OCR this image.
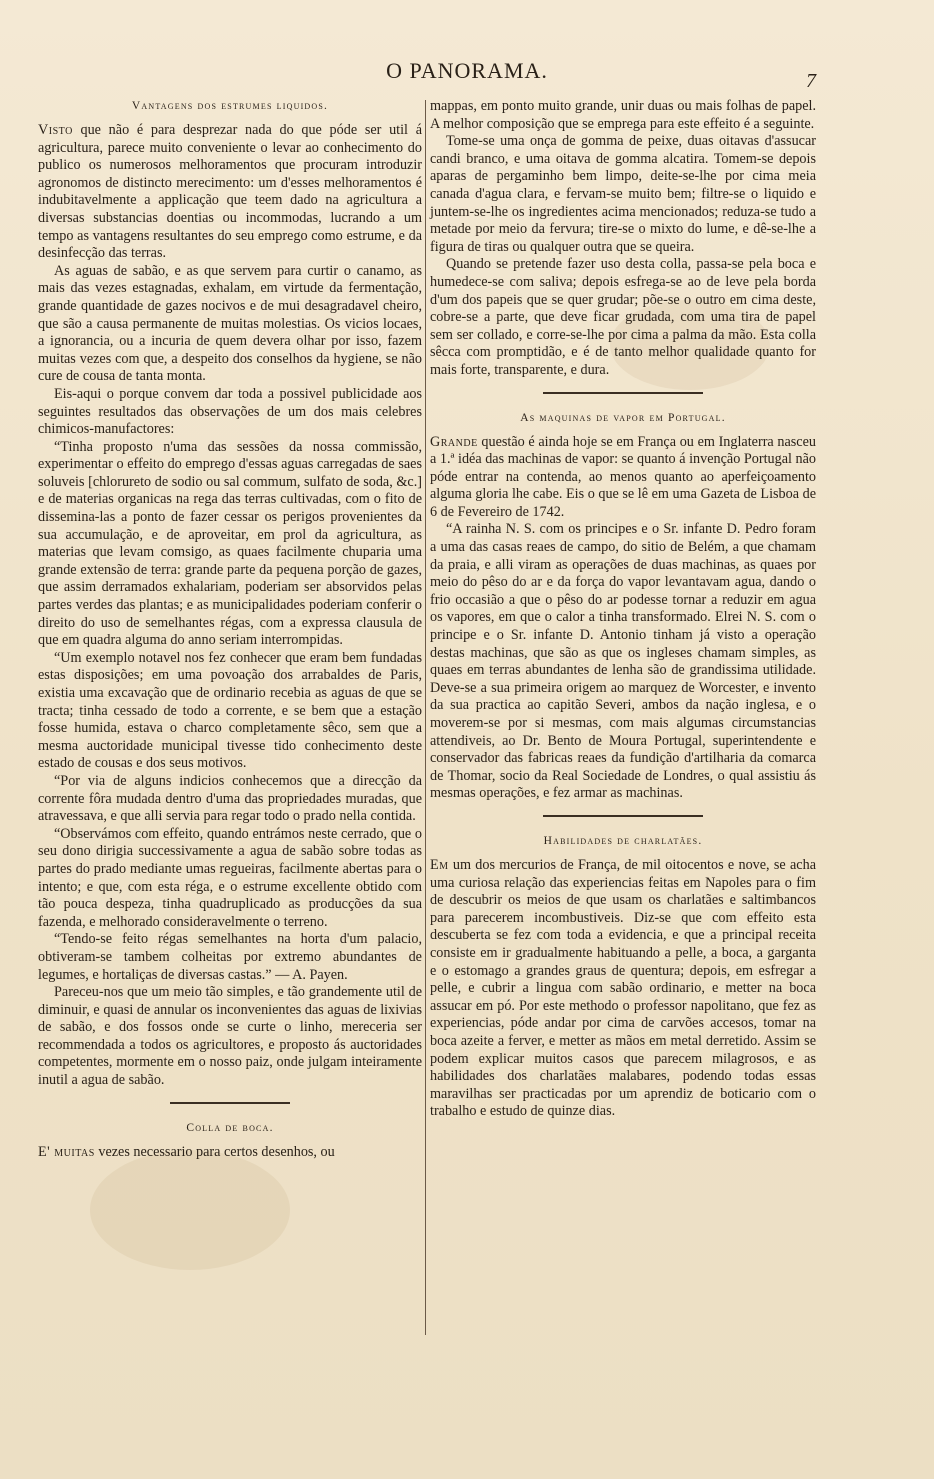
O PANORAMA.	7
Vantagens dos estrumes liquidos.

Visto que não é para desprezar nada do que póde ser util á agricultura, parece muito conveniente o levar ao conhecimento do publico os numerosos melhoramentos que procuram introduzir agronomos de distincto merecimento: um d'esses melhoramentos é indubitavelmente a applicação que teem dado na agricultura a diversas substancias doentias ou incommodas, lucrando a um tempo as vantagens resultantes do seu emprego como estrume, e da desinfecção das terras.

As aguas de sabão, e as que servem para curtir o canamo, as mais das vezes estagnadas, exhalam, em virtude da fermentação, grande quantidade de gazes nocivos e de mui desagradavel cheiro, que são a causa permanente de muitas molestias. Os vicios locaes, a ignorancia, ou a incuria de quem devera olhar por isso, fazem muitas vezes com que, a despeito dos conselhos da hygiene, se não cure de cousa de tanta monta.

Eis-aqui o porque convem dar toda a possivel publicidade aos seguintes resultados das observações de um dos mais celebres chimicos-manufactores:

“Tinha proposto n'uma das sessões da nossa commissão, experimentar o effeito do emprego d'essas aguas carregadas de saes soluveis [chlorureto de sodio ou sal commum, sulfato de soda, &c.] e de materias organicas na rega das terras cultivadas, com o fito de dissemina-las a ponto de fazer cessar os perigos provenientes da sua accumulação, e de aproveitar, em prol da agricultura, as materias que levam comsigo, as quaes facilmente chuparia uma grande extensão de terra: grande parte da pequena porção de gazes, que assim derramados exhalariam, poderiam ser absorvidos pelas partes verdes das plantas; e as municipalidades poderiam conferir o direito do uso de semelhantes régas, com a expressa clausula de que em quadra alguma do anno seriam interrompidas.

“Um exemplo notavel nos fez conhecer que eram bem fundadas estas disposições; em uma povoação dos arrabaldes de Paris, existia uma excavação que de ordinario recebia as aguas de que se tracta; tinha cessado de todo a corrente, e se bem que a estação fosse humida, estava o charco completamente sêco, sem que a mesma auctoridade municipal tivesse tido conhecimento deste estado de cousas e dos seus motivos.

“Por via de alguns indicios conhecemos que a direcção da corrente fôra mudada dentro d'uma das propriedades muradas, que atravessava, e que alli servia para regar todo o prado nella contida.

“Observámos com effeito, quando entrámos neste cerrado, que o seu dono dirigia successivamente a agua de sabão sobre todas as partes do prado mediante umas regueiras, facilmente abertas para o intento; e que, com esta réga, e o estrume excellente obtido com tão pouca despeza, tinha quadruplicado as producções da sua fazenda, e melhorado consideravelmente o terreno.

“Tendo-se feito régas semelhantes na horta d'um palacio, obtiveram-se tambem colheitas por extremo abundantes de legumes, e hortaliças de diversas castas.” — A. Payen.

Pareceu-nos que um meio tão simples, e tão grandemente util de diminuir, e quasi de annular os inconvenientes das aguas de lixivias de sabão, e dos fossos onde se curte o linho, mereceria ser recommendada a todos os agricultores, e proposto ás auctoridades competentes, mormente em o nosso paiz, onde julgam inteiramente inutil a agua de sabão.

Colla de boca.

E' muitas vezes necessario para certos desenhos, ou

mappas, em ponto muito grande, unir duas ou mais folhas de papel. A melhor composição que se emprega para este effeito é a seguinte.

Tome-se uma onça de gomma de peixe, duas oitavas d'assucar candi branco, e uma oitava de gomma alcatira. Tomem-se depois aparas de pergaminho bem limpo, deite-se-lhe por cima meia canada d'agua clara, e fervam-se muito bem; filtre-se o liquido e juntem-se-lhe os ingredientes acima mencionados; reduza-se tudo a metade por meio da fervura; tire-se o mixto do lume, e dê-se-lhe a figura de tiras ou qualquer outra que se queira.

Quando se pretende fazer uso desta colla, passa-se pela boca e humedece-se com saliva; depois esfrega-se ao de leve pela borda d'um dos papeis que se quer grudar; põe-se o outro em cima deste, cobre-se a parte, que deve ficar grudada, com uma tira de papel sem ser collado, e corre-se-lhe por cima a palma da mão. Esta colla sêcca com promptidão, e é de tanto melhor qualidade quanto for mais forte, transparente, e dura.

As maquinas de vapor em Portugal.

Grande questão é ainda hoje se em França ou em Inglaterra nasceu a 1.ª idéa das machinas de vapor: se quanto á invenção Portugal não póde entrar na contenda, ao menos quanto ao aperfeiçoamento alguma gloria lhe cabe. Eis o que se lê em uma Gazeta de Lisboa de 6 de Fevereiro de 1742.

“A rainha N. S. com os principes e o Sr. infante D. Pedro foram a uma das casas reaes de campo, do sitio de Belém, a que chamam da praia, e alli viram as operações de duas machinas, as quaes por meio do pêso do ar e da força do vapor levantavam agua, dando o frio occasião a que o pêso do ar podesse tornar a reduzir em agua os vapores, em que o calor a tinha transformado. Elrei N. S. com o principe e o Sr. infante D. Antonio tinham já visto a operação destas machinas, que são as que os ingleses chamam simples, as quaes em terras abundantes de lenha são de grandissima utilidade. Deve-se a sua primeira origem ao marquez de Worcester, e invento da sua practica ao capitão Severi, ambos da nação inglesa, e o moverem-se por si mesmas, com mais algumas circumstancias attendiveis, ao Dr. Bento de Moura Portugal, superintendente e conservador das fabricas reaes da fundição d'artilharia da comarca de Thomar, socio da Real Sociedade de Londres, o qual assistiu ás mesmas operações, e fez armar as machinas.

Habilidades de charlatães.

Em um dos mercurios de França, de mil oitocentos e nove, se acha uma curiosa relação das experiencias feitas em Napoles para o fim de descubrir os meios de que usam os charlatães e saltimbancos para parecerem incombustiveis. Diz-se que com effeito esta descuberta se fez com toda a evidencia, e que a principal receita consiste em ir gradualmente habituando a pelle, a boca, a garganta e o estomago a grandes graus de quentura; depois, em esfregar a pelle, e cubrir a lingua com sabão ordinario, e metter na boca assucar em pó. Por este methodo o professor napolitano, que fez as experiencias, póde andar por cima de carvões accesos, tomar na boca azeite a ferver, e metter as mãos em metal derretido. Assim se podem explicar muitos casos que parecem milagrosos, e as habilidades dos charlatães malabares, podendo todas essas maravilhas ser practicadas por um aprendiz de boticario com o trabalho e estudo de quinze dias.
